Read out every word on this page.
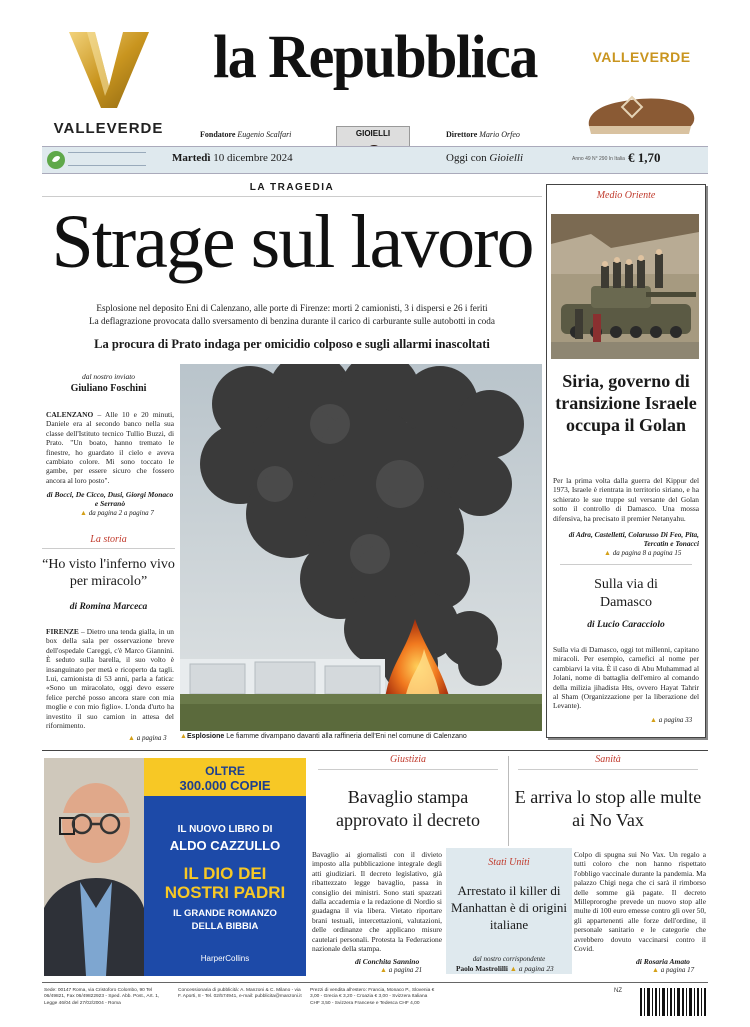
VALLEVERDE
la Repubblica
Fondatore Eugenio Scalfari	Direttore Mario Orfeo
GIOIELLI
VALLEVERDE
Martedì 10 dicembre 2024	Oggi con Gioielli	Anno 49 N° 290 In Italia € 1,70
LA TRAGEDIA
Strage sul lavoro
Esplosione nel deposito Eni di Calenzano, alle porte di Firenze: morti 2 camionisti, 3 i dispersi e 26 i feriti
La deflagrazione provocata dallo sversamento di benzina durante il carico di carburante sulle autobotti in coda
La procura di Prato indaga per omicidio colposo e sugli allarmi inascoltati
dal nostro inviato
Giuliano Foschini
CALENZANO – Alle 10 e 20 minuti, Daniele era al secondo banco nella sua classe dell'Istituto tecnico Tullio Buzzi, di Prato. "Un boato, hanno tremato le finestre, ho guardato il cielo e aveva cambiato colore. Mi sono toccato le gambe, per essere sicuro che fossero ancora al loro posto".
di Bocci, De Cicco, Dusi, Giorgi Monaco e Serranò
▲ da pagina 2 a pagina 7
▲Esplosione Le fiamme divampano davanti alla raffineria dell'Eni nel comune di Calenzano
La storia
“Ho visto l'inferno vivo per miracolo”
di Romina Marceca
FIRENZE – Dietro una tenda gialla, in un box della sala per osservazione breve dell'ospedale Careggi, c'è Marco Giannini. È seduto sulla barella, il suo volto è insanguinato per metà e ricoperto da tagli. Lui, camionista di 53 anni, parla a fatica: «Sono un miracolato, oggi devo essere felice perché posso ancora stare con mia moglie e con mio figlio». L'onda d'urto ha investito il suo camion in attesa del rifornimento.
▲ a pagina 3
Medio Oriente
Siria, governo di transizione Israele occupa il Golan
Per la prima volta dalla guerra del Kippur del 1973, Israele è rientrata in territorio siriano, e ha schierato le sue truppe sul versante del Golan sotto il controllo di Damasco. Una mossa difensiva, ha precisato il premier Netanyahu.
di Adra, Castelletti, Colarusso Di Feo, Pita, Tercatin e Tonacci
▲ da pagina 8 a pagina 15
Sulla via di Damasco
di Lucio Caracciolo
Sulla via di Damasco, oggi tot millenni, capitano miracoli. Per esempio, carnefici al nome per cambiarvi la vita. È il caso di Abu Muhammad al Jolani, nome di battaglia dell'emiro al comando della milizia jihadista Hts, ovvero Hayat Tahrir al Sham (Organizzazione per la liberazione del Levante).
▲ a pagina 33
OLTRE
300.000 COPIE
IL NUOVO LIBRO DI
ALDO CAZZULLO
IL DIO DEI
NOSTRI PADRI
IL GRANDE ROMANZO
DELLA BIBBIA
HarperCollins
Giustizia
Bavaglio stampa approvato il decreto
Bavaglio ai giornalisti con il divieto imposto alla pubblicazione integrale degli atti giudiziari. Il decreto legislativo, già ribattezzato legge bavaglio, passa in consiglio dei ministri. Sono stati spazzati dalla accademia e la redazione di Nordio si guadagna il via libera. Vietato riportare brani testuali, intercettazioni, valutazioni, delle ordinanze che applicano misure cautelari personali. Protesta la Federazione nazionale della stampa.
di Conchita Sannino
▲ a pagina 21
Sanità
E arriva lo stop alle multe ai No Vax
Colpo di spugna sui No Vax. Un regalo a tutti coloro che non hanno rispettato l'obbligo vaccinale durante la pandemia. Ma palazzo Chigi nega che ci sarà il rimborso delle somme già pagate. Il decreto Milleproroghe prevede un nuovo stop alle multe di 100 euro emesse contro gli over 50, gli appartenenti alle forze dell'ordine, il personale sanitario e le categorie che avrebbero dovuto vaccinarsi contro il Covid.
di Rosaria Amato
▲ a pagina 17
Stati Uniti
Arrestato il killer di Manhattan è di origini italiane
dal nostro corrispondente
Paolo Mastrolilli ▲ a pagina 23
Sede: 00147 Roma, via Cristoforo Colombo, 90 Tel 06/49821, Fax 06/49822923 - Sped. Abb. Post., Art. 1, Legge 46/04 del 27/02/2004 - Roma
Concessionaria di pubblicità: A. Manzoni & C. Milano - via F. Aporti, 8 - Tel. 02/574941, e-mail: pubblicita@manzoni.it
Prezzi di vendita all'estero: Francia, Monaco P., Slovenia € 3,00 - Grecia € 3,20 - Croazia € 3,00 - Svizzera Italiana CHF 3,50 - Svizzera Francese e Tedesca CHF 4,00
NZ
